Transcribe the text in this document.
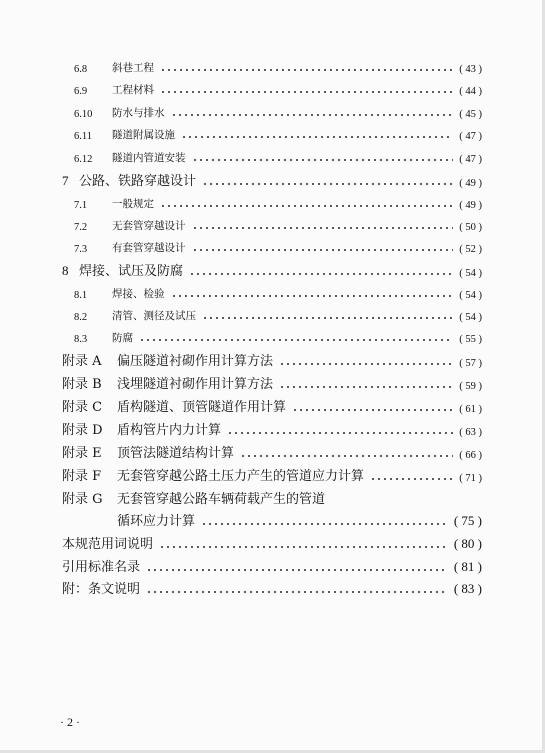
6.8	斜巷工程	( 43 )
6.9	工程材料	( 44 )
6.10	防水与排水	( 45 )
6.11	隧道附属设施	( 47 )
6.12	隧道内管道安装	( 47 )
7 公路、铁路穿越设计	( 49 )
7.1	一般规定	( 49 )
7.2	无套管穿越设计	( 50 )
7.3	有套管穿越设计	( 52 )
8 焊接、试压及防腐	( 54 )
8.1	焊接、检验	( 54 )
8.2	清管、测径及试压	( 54 )
8.3	防腐	( 55 )
附录 A	偏压隧道衬砌作用计算方法	( 57 )
附录 B	浅埋隧道衬砌作用计算方法	( 59 )
附录 C	盾构隧道、顶管隧道作用计算	( 61 )
附录 D	盾构管片内力计算	( 63 )
附录 E	顶管法隧道结构计算	( 66 )
附录 F	无套管穿越公路土压力产生的管道应力计算	( 71 )
附录 G	无套管穿越公路车辆荷载产生的管道
循环应力计算	( 75 )
本规范用词说明	( 80 )
引用标准名录	( 81 )
附：条文说明	( 83 )
· 2 ·
